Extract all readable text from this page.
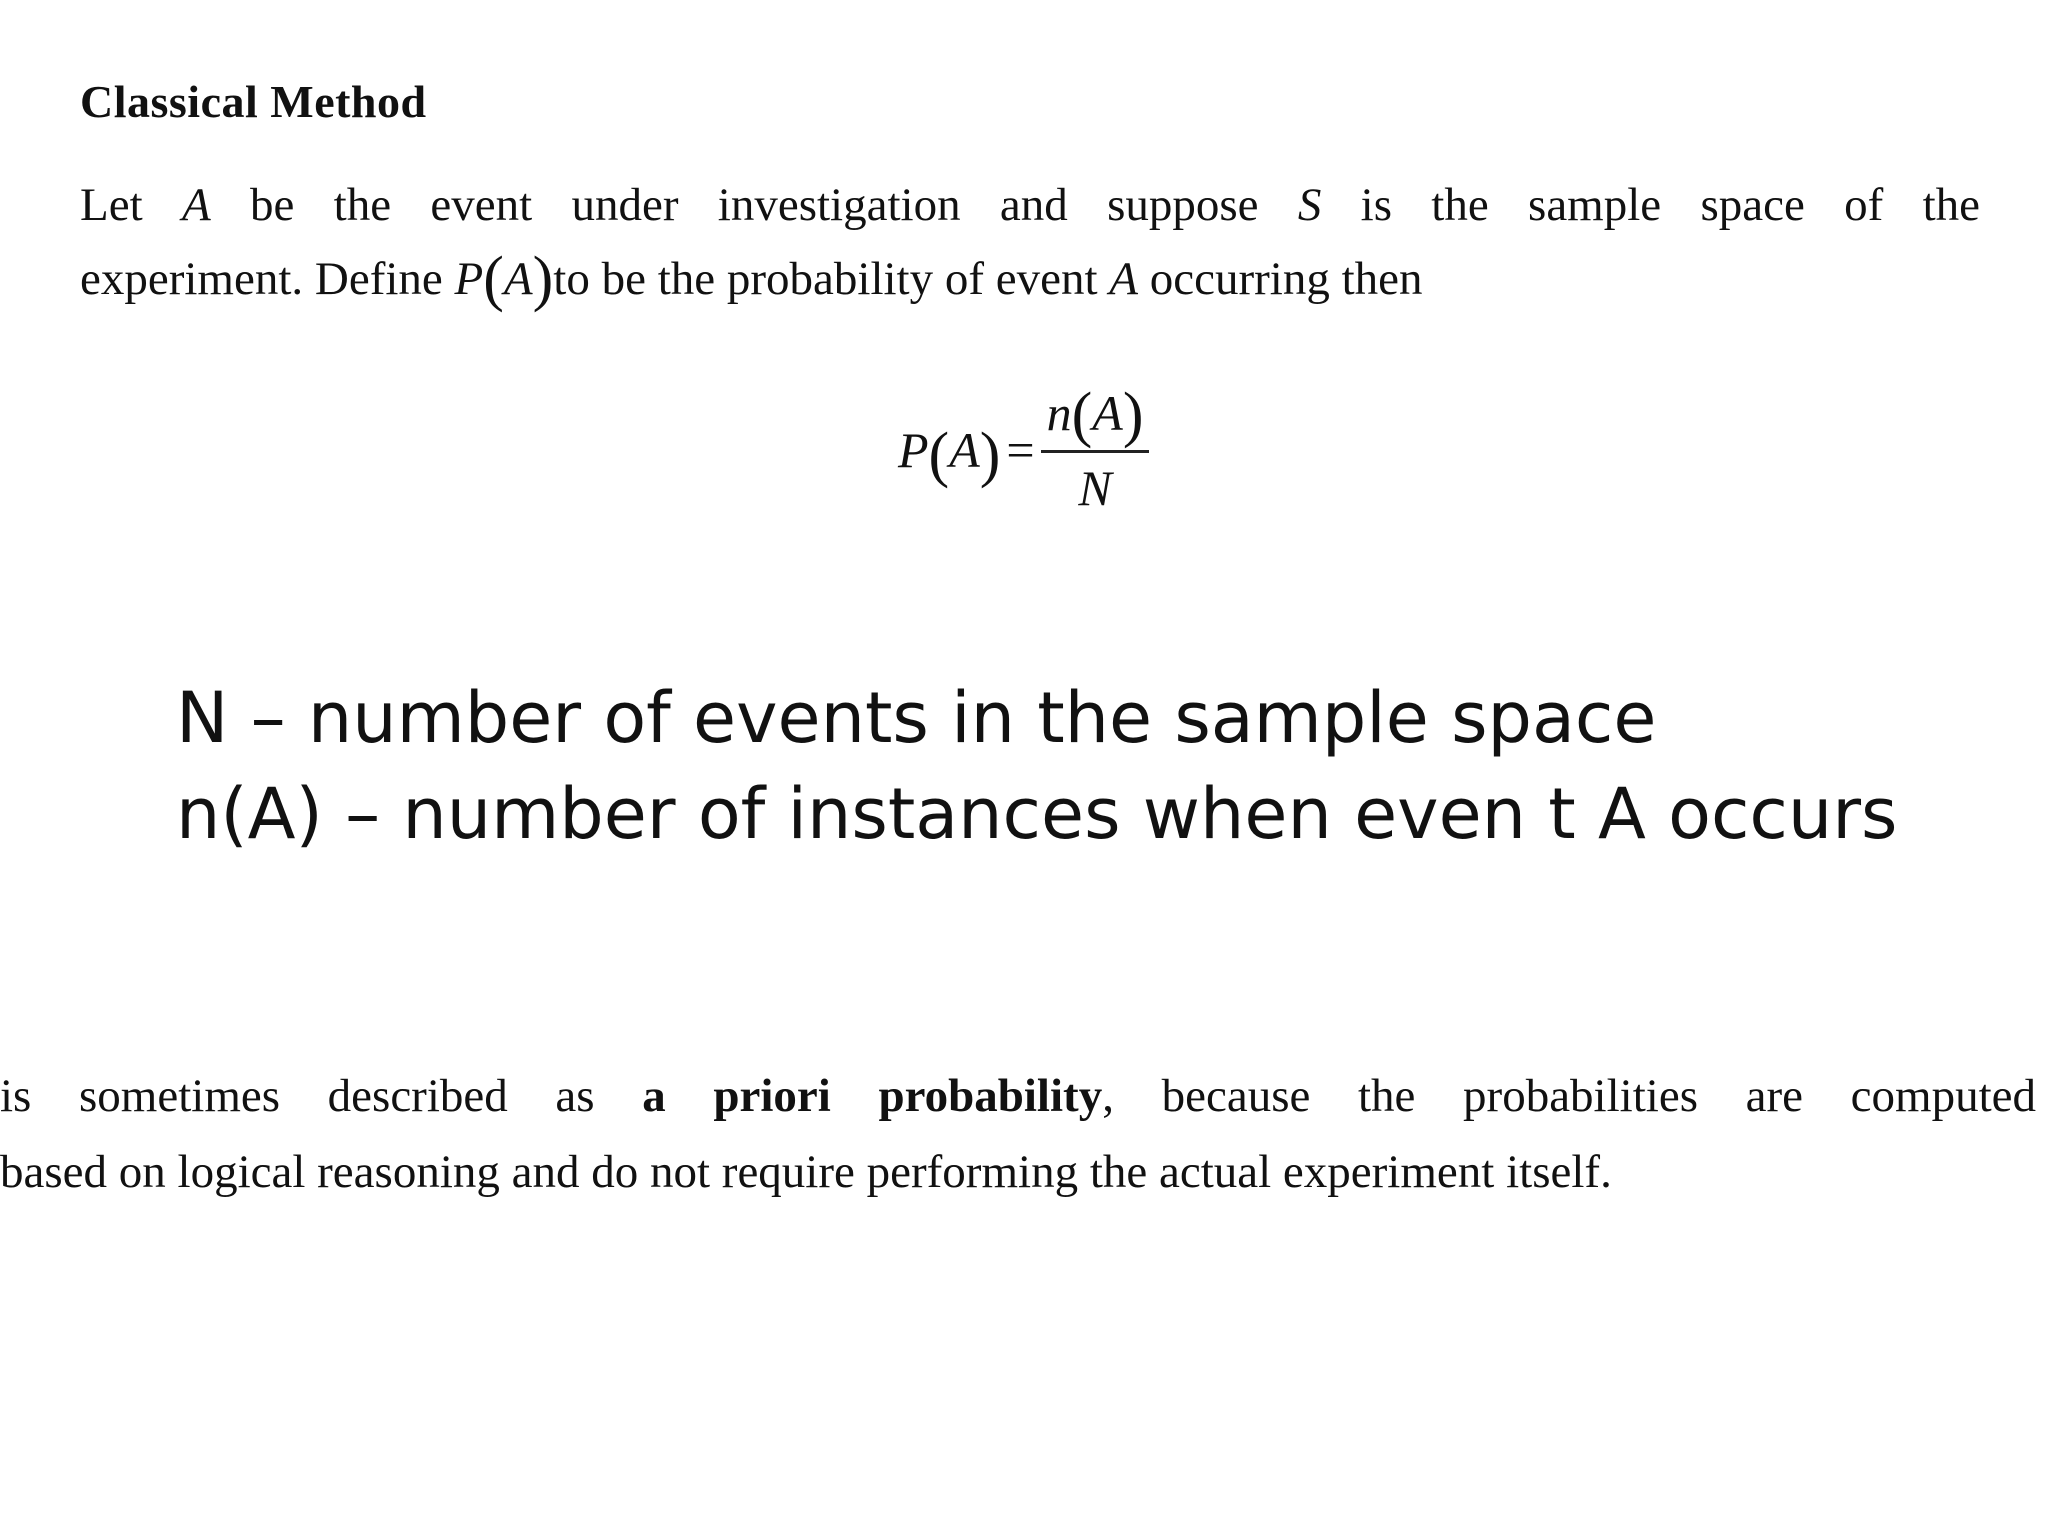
Classical Method
Let A be the event under investigation and suppose S is the sample space of the
experiment. Define P(A)to be the probability of event A occurring then
P ( A ) = $\frac{n(A)}{N}$
N – number of events in the sample space
n(A) – number of instances when even t A occurs
is sometimes described as a priori probability, because the probabilities are computed
based on logical reasoning and do not require performing the actual experiment itself.
